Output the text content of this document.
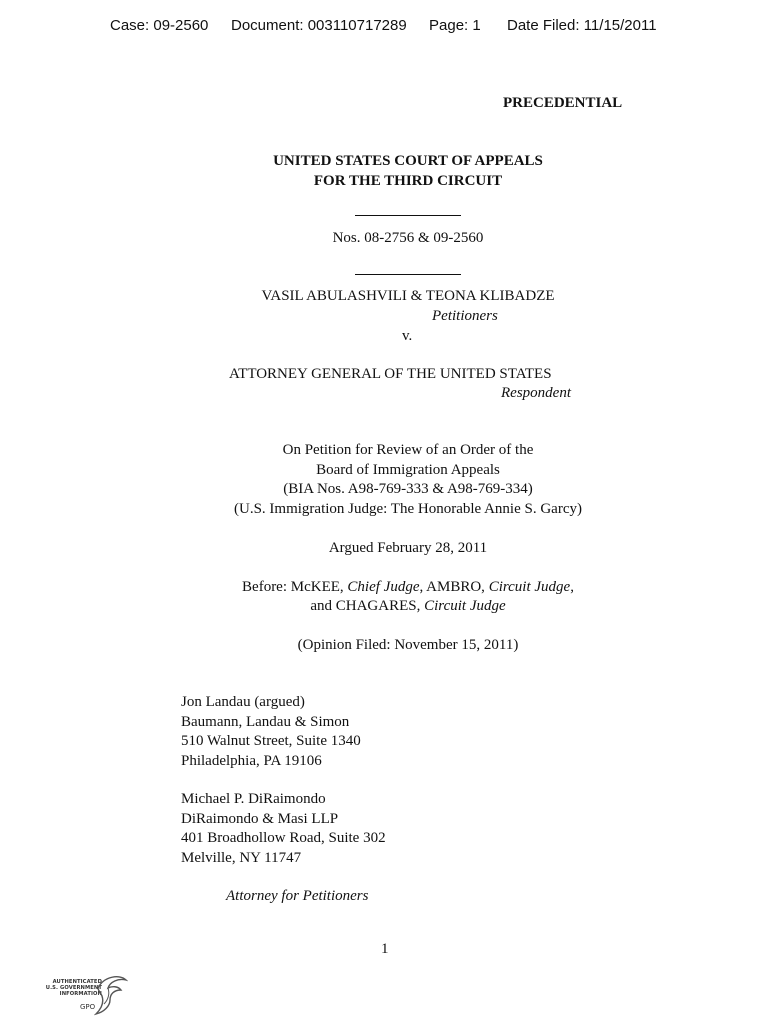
Case: 09-2560 Document: 003110717289 Page: 1 Date Filed: 11/15/2011
PRECEDENTIAL
UNITED STATES COURT OF APPEALS
FOR THE THIRD CIRCUIT
Nos. 08-2756 & 09-2560
VASIL ABULASHVILI & TEONA KLIBADZE
Petitioners
v.
ATTORNEY GENERAL OF THE UNITED STATES
Respondent
On Petition for Review of an Order of the
Board of Immigration Appeals
(BIA Nos. A98-769-333 & A98-769-334)
(U.S. Immigration Judge: The Honorable Annie S. Garcy)
Argued February 28, 2011
Before: McKEE, Chief Judge, AMBRO, Circuit Judge,
and CHAGARES, Circuit Judge
(Opinion Filed: November 15, 2011)
Jon Landau (argued)
Baumann, Landau & Simon
510 Walnut Street, Suite 1340
Philadelphia, PA 19106
Michael P. DiRaimondo
DiRaimondo & Masi LLP
401 Broadhollow Road, Suite 302
Melville, NY 11747
Attorney for Petitioners
1
AUTHENTICATED
U.S. GOVERNMENT
INFORMATION
GPO
